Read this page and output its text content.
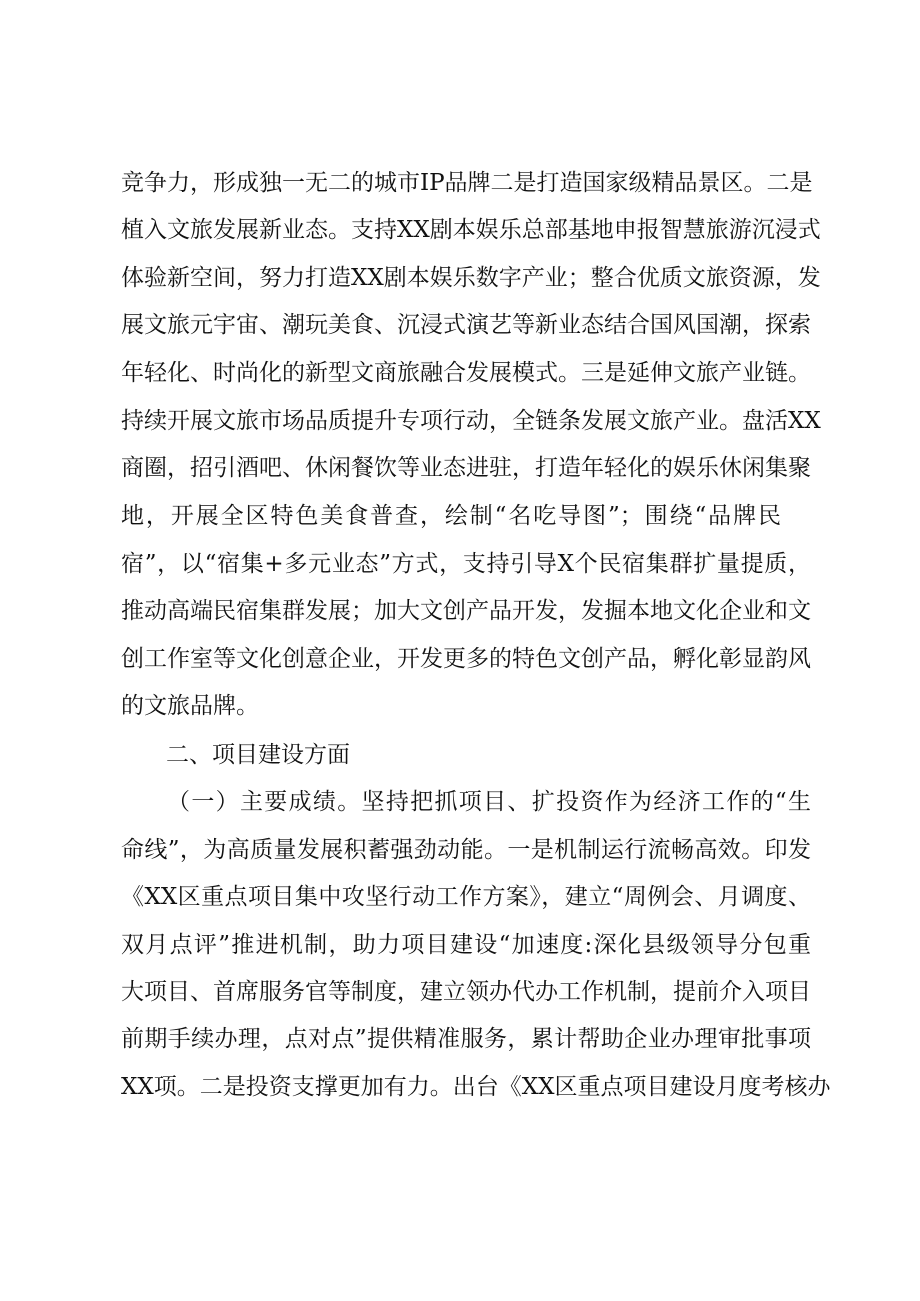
竞争力，形成独一无二的城市IP品牌二是打造国家级精品景区。二是
植入文旅发展新业态。支持XX剧本娱乐总部基地申报智慧旅游沉浸式
体验新空间，努力打造XX剧本娱乐数字产业；整合优质文旅资源，发
展文旅元宇宙、潮玩美食、沉浸式演艺等新业态结合国风国潮，探索
年轻化、时尚化的新型文商旅融合发展模式。三是延伸文旅产业链。
持续开展文旅市场品质提升专项行动，全链条发展文旅产业。盘活XX
商圈，招引酒吧、休闲餐饮等业态进驻，打造年轻化的娱乐休闲集聚
地，开展全区特色美食普查，绘制“名吃导图”；围绕“品牌民
宿”，以“宿集+多元业态”方式，支持引导X个民宿集群扩量提质，
推动高端民宿集群发展；加大文创产品开发，发掘本地文化企业和文
创工作室等文化创意企业，开发更多的特色文创产品，孵化彰显韵风
的文旅品牌。
二、项目建设方面
（一）主要成绩。坚持把抓项目、扩投资作为经济工作的“生
命线”，为高质量发展积蓄强劲动能。一是机制运行流畅高效。印发
《XX区重点项目集中攻坚行动工作方案》，建立“周例会、月调度、
双月点评”推进机制，助力项目建设“加速度:深化县级领导分包重
大项目、首席服务官等制度，建立领办代办工作机制，提前介入项目
前期手续办理，点对点”提供精准服务，累计帮助企业办理审批事项
XX项。二是投资支撑更加有力。出台《XX区重点项目建设月度考核办
